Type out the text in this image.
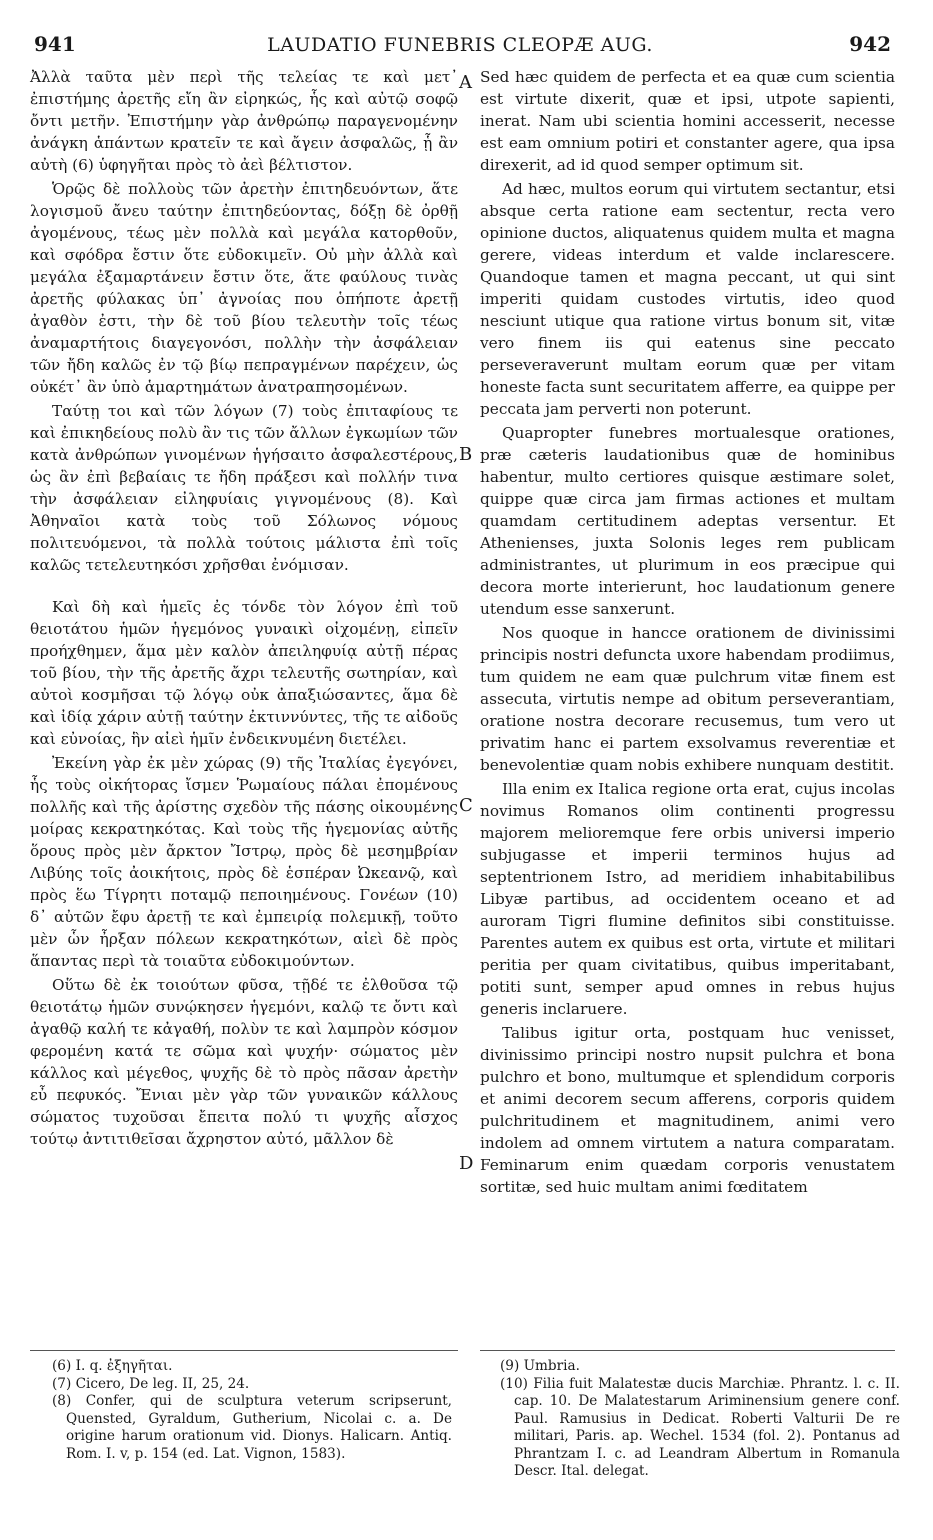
941	LAUDATIO FUNEBRIS CLEOPÆ AUG.	942

Ἀλλὰ ταῦτα μὲν περὶ τῆς τελείας τε καὶ μετ᾽ ἐπιστήμης ἀρετῆς εἴη ἂν εἰρηκώς, ἧς καὶ αὐτῷ σοφῷ ὄντι μετῆν. Ἐπιστήμην γὰρ ἀνθρώπῳ παραγενομένην ἀνάγκη ἁπάντων κρατεῖν τε καὶ ἄγειν ἀσφαλῶς, ᾗ ἂν αὐτὴ (6) ὑφηγῆται πρὸς τὸ ἀεὶ βέλτιστον.

Ὁρῷς δὲ πολλοὺς τῶν ἀρετὴν ἐπιτηδευόντων, ἅτε λογισμοῦ ἄνευ ταύτην ἐπιτηδεύοντας, δόξῃ δὲ ὀρθῇ ἀγομένους, τέως μὲν πολλὰ καὶ μεγάλα κατορθοῦν, καὶ σφόδρα ἔστιν ὅτε εὐδοκιμεῖν. Οὐ μὴν ἀλλὰ καὶ μεγάλα ἐξαμαρτάνειν ἔστιν ὅτε, ἅτε φαύλους τινὰς ἀρετῆς φύλακας ὑπ᾽ ἀγνοίας που ὁπήποτε ἀρετῇ ἀγαθὸν ἐστι, τὴν δὲ τοῦ βίου τελευτὴν τοῖς τέως ἀναμαρτήτοις διαγεγονόσι, πολλὴν τὴν ἀσφάλειαν τῶν ἤδη καλῶς ἐν τῷ βίῳ πεπραγμένων παρέχειν, ὡς οὐκέτ᾽ ἂν ὑπὸ ἁμαρτημάτων ἀνατραπησομένων.

Ταύτῃ τοι καὶ τῶν λόγων (7) τοὺς ἐπιταφίους τε καὶ ἐπικηδείους πολὺ ἂν τις τῶν ἄλλων ἐγκωμίων τῶν κατὰ ἀνθρώπων γινομένων ἡγήσαιτο ἀσφαλεστέρους, ὡς ἂν ἐπὶ βεβαίαις τε ἤδη πράξεσι καὶ πολλήν τινα τὴν ἀσφάλειαν εἰληφυίαις γιγνομένους (8). Καὶ Ἀθηναῖοι κατὰ τοὺς τοῦ Σόλωνος νόμους πολιτευόμενοι, τὰ πολλὰ τούτοις μάλιστα ἐπὶ τοῖς καλῶς τετελευτηκόσι χρῆσθαι ἐνόμισαν.

Καὶ δὴ καὶ ἡμεῖς ἐς τόνδε τὸν λόγον ἐπὶ τοῦ θειοτάτου ἡμῶν ἡγεμόνος γυναικὶ οἰχομένῃ, εἰπεῖν προήχθημεν, ἅμα μὲν καλὸν ἀπειληφυίᾳ αὐτῇ πέρας τοῦ βίου, τὴν τῆς ἀρετῆς ἄχρι τελευτῆς σωτηρίαν, καὶ αὐτοὶ κοσμῆσαι τῷ λόγῳ οὐκ ἀπαξιώσαντες, ἅμα δὲ καὶ ἰδίᾳ χάριν αὐτῇ ταύτην ἐκτιννύντες, τῆς τε αἰδοῦς καὶ εὐνοίας, ἣν αἰεὶ ἡμῖν ἐνδεικνυμένη διετέλει.

Ἐκείνη γὰρ ἐκ μὲν χώρας (9) τῆς Ἰταλίας ἐγεγόνει, ἧς τοὺς οἰκήτορας ἴσμεν Ῥωμαίους πάλαι ἐπομένους πολλῆς καὶ τῆς ἀρίστης σχεδὸν τῆς πάσης οἰκουμένης μοίρας κεκρατηκότας. Καὶ τοὺς τῆς ἡγεμονίας αὐτῆς ὅρους πρὸς μὲν ἄρκτον Ἴστρῳ, πρὸς δὲ μεσημβρίαν Λιβύης τοῖς ἀοικήτοις, πρὸς δὲ ἑσπέραν Ὠκεανῷ, καὶ πρὸς ἕω Τίγρητι ποταμῷ πεποιημένους. Γονέων (10) δ᾽ αὐτῶν ἔφυ ἀρετῇ τε καὶ ἐμπειρίᾳ πολεμικῇ, τοῦτο μὲν ὧν ἦρξαν πόλεων κεκρατηκότων, αἰεὶ δὲ πρὸς ἅπαντας περὶ τὰ τοιαῦτα εὐδοκιμούντων.

Οὕτω δὲ ἐκ τοιούτων φῦσα, τῇδέ τε ἐλθοῦσα τῷ θειοτάτῳ ἡμῶν συνῴκησεν ἡγεμόνι, καλῷ τε ὄντι καὶ ἀγαθῷ καλή τε κἀγαθή, πολὺν τε καὶ λαμπρὸν κόσμον φερομένη κατά τε σῶμα καὶ ψυχήν· σώματος μὲν κάλλος καὶ μέγεθος, ψυχῆς δὲ τὸ πρὸς πᾶσαν ἀρετὴν εὖ πεφυκός. Ἔνιαι μὲν γὰρ τῶν γυναικῶν κάλλους σώματος τυχοῦσαι ἔπειτα πολύ τι ψυχῆς αἶσχος τούτῳ ἀντιτιθεῖσαι ἄχρηστον αὐτό, μᾶλλον δὲ

A
B
C
D

Sed hæc quidem de perfecta et ea quæ cum scientia est virtute dixerit, quæ et ipsi, utpote sapienti, inerat. Nam ubi scientia homini accesserit, necesse est eam omnium potiri et constanter agere, qua ipsa direxerit, ad id quod semper optimum sit.

Ad hæc, multos eorum qui virtutem sectantur, etsi absque certa ratione eam sectentur, recta vero opinione ductos, aliquatenus quidem multa et magna gerere, videas interdum et valde inclarescere. Quandoque tamen et magna peccant, ut qui sint imperiti quidam custodes virtutis, ideo quod nesciunt utique qua ratione virtus bonum sit, vitæ vero finem iis qui eatenus sine peccato perseveraverunt multam eorum quæ per vitam honeste facta sunt securitatem afferre, ea quippe per peccata jam perverti non poterunt.

Quapropter funebres mortualesque orationes, præ cæteris laudationibus quæ de hominibus habentur, multo certiores quisque æstimare solet, quippe quæ circa jam firmas actiones et multam quamdam certitudinem adeptas versentur. Et Athenienses, juxta Solonis leges rem publicam administrantes, ut plurimum in eos præcipue qui decora morte interierunt, hoc laudationum genere utendum esse sanxerunt.

Nos quoque in hancce orationem de divinissimi principis nostri defuncta uxore habendam prodiimus, tum quidem ne eam quæ pulchrum vitæ finem est assecuta, virtutis nempe ad obitum perseverantiam, oratione nostra decorare recusemus, tum vero ut privatim hanc ei partem exsolvamus reverentiæ et benevolentiæ quam nobis exhibere nunquam destitit.

Illa enim ex Italica regione orta erat, cujus incolas novimus Romanos olim continenti progressu majorem melioremque fere orbis universi imperio subjugasse et imperii terminos hujus ad septentrionem Istro, ad meridiem inhabitabilibus Libyæ partibus, ad occidentem oceano et ad auroram Tigri flumine definitos sibi constituisse. Parentes autem ex quibus est orta, virtute et militari peritia per quam civitatibus, quibus imperitabant, potiti sunt, semper apud omnes in rebus hujus generis inclaruere.

Talibus igitur orta, postquam huc venisset, divinissimo principi nostro nupsit pulchra et bona pulchro et bono, multumque et splendidum corporis et animi decorem secum afferens, corporis quidem pulchritudinem et magnitudinem, animi vero indolem ad omnem virtutem a natura comparatam. Feminarum enim quædam corporis venustatem sortitæ, sed huic multam animi fœditatem

(6) I. q. ἐξηγῆται.

(7) Cicero, De leg. II, 25, 24.

(8) Confer, qui de sculptura veterum scripserunt, Quensted, Gyraldum, Gutherium, Nicolai c. a. De origine harum orationum vid. Dionys. Halicarn. Antiq. Rom. I. v, p. 154 (ed. Lat. Vignon, 1583).

(9) Umbria.

(10) Filia fuit Malatestæ ducis Marchiæ. Phrantz. l. c. II. cap. 10. De Malatestarum Ariminensium genere conf. Paul. Ramusius in Dedicat. Roberti Valturii De re militari, Paris. ap. Wechel. 1534 (fol. 2). Pontanus ad Phrantzam I. c. ad Leandram Albertum in Romanula Descr. Ital. delegat.
